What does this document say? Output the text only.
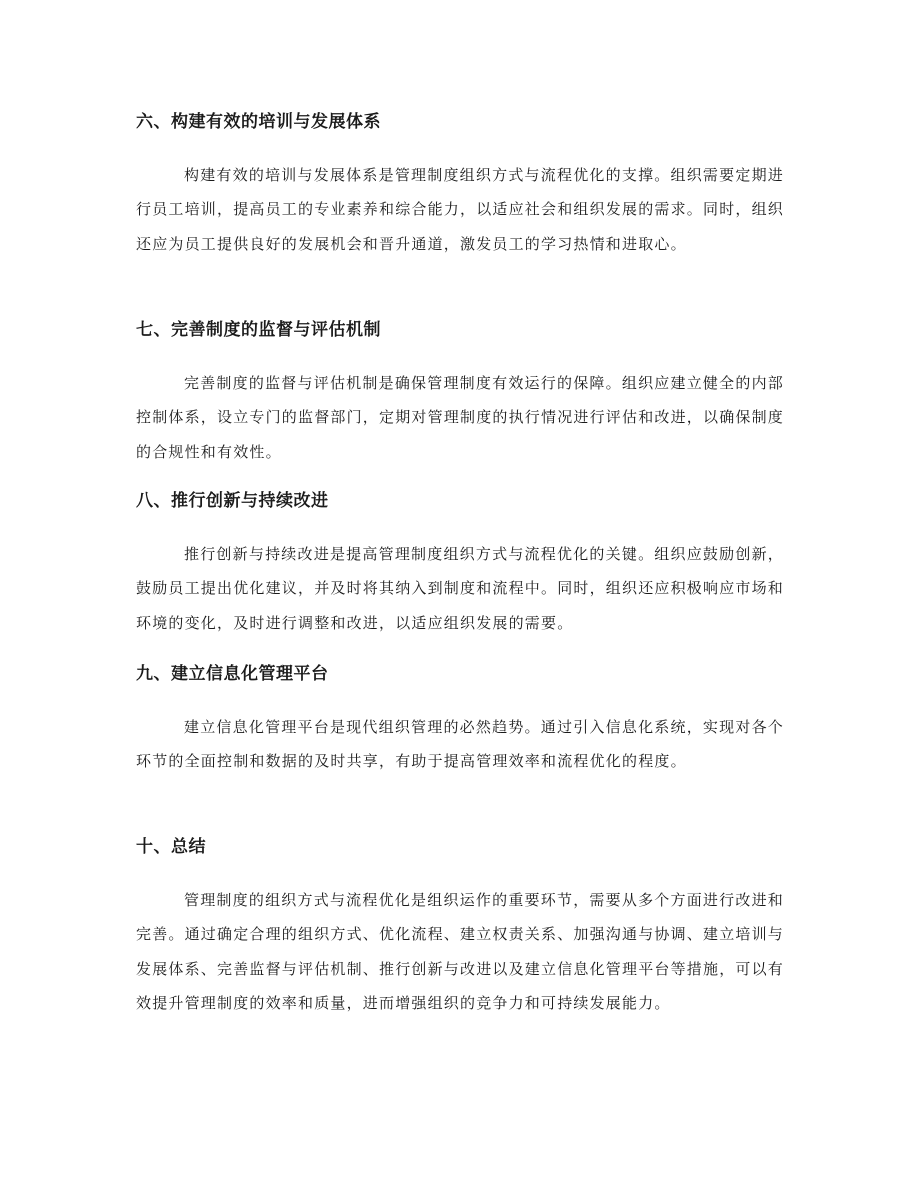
六、构建有效的培训与发展体系

构建有效的培训与发展体系是管理制度组织方式与流程优化的支撑。组织需要定期进行员工培训，提高员工的专业素养和综合能力，以适应社会和组织发展的需求。同时，组织还应为员工提供良好的发展机会和晋升通道，激发员工的学习热情和进取心。

七、完善制度的监督与评估机制

完善制度的监督与评估机制是确保管理制度有效运行的保障。组织应建立健全的内部控制体系，设立专门的监督部门，定期对管理制度的执行情况进行评估和改进，以确保制度的合规性和有效性。

八、推行创新与持续改进

推行创新与持续改进是提高管理制度组织方式与流程优化的关键。组织应鼓励创新，鼓励员工提出优化建议，并及时将其纳入到制度和流程中。同时，组织还应积极响应市场和环境的变化，及时进行调整和改进，以适应组织发展的需要。

九、建立信息化管理平台

建立信息化管理平台是现代组织管理的必然趋势。通过引入信息化系统，实现对各个环节的全面控制和数据的及时共享，有助于提高管理效率和流程优化的程度。

十、总结

管理制度的组织方式与流程优化是组织运作的重要环节，需要从多个方面进行改进和完善。通过确定合理的组织方式、优化流程、建立权责关系、加强沟通与协调、建立培训与发展体系、完善监督与评估机制、推行创新与改进以及建立信息化管理平台等措施，可以有效提升管理制度的效率和质量，进而增强组织的竞争力和可持续发展能力。
